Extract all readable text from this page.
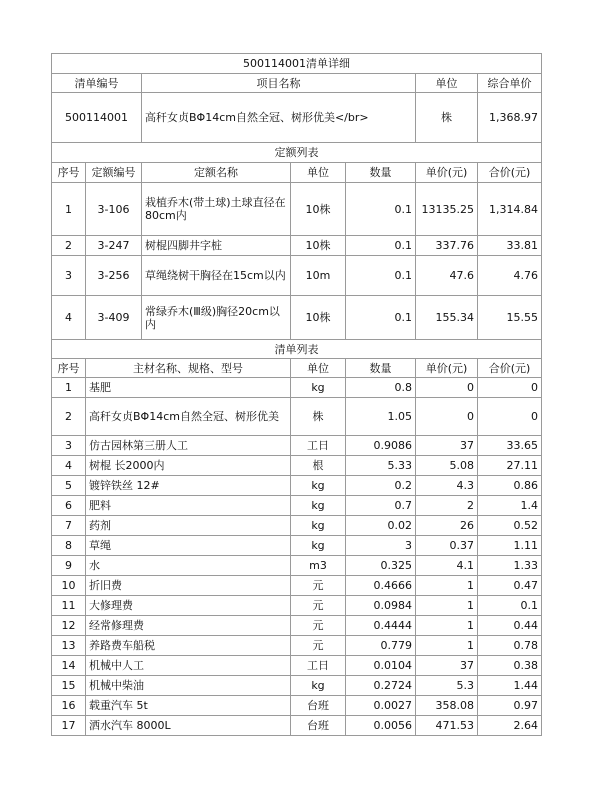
500114001清单详细						
清单编号		项目名称			单位	综合单价
500114001		高秆女贞BΦ14cm自然全冠、树形优美</br>			株	1,368.97
定额列表						
序号	定额编号	定额名称	单位	数量	单价(元)	合价(元)
1	3-106	栽植乔木(带土球)土球直径在80cm内	10株	0.1	13135.25	1,314.84
2	3-247	树棍四脚井字桩	10株	0.1	337.76	33.81
3	3-256	草绳绕树干胸径在15cm以内	10m	0.1	47.6	4.76
4	3-409	常绿乔木(Ⅲ级)胸径20cm以内	10株	0.1	155.34	15.55
清单列表						
序号	主材名称、规格、型号		单位	数量	单价(元)	合价(元)
1	基肥		kg	0.8	0	0
2	高秆女贞BΦ14cm自然全冠、树形优美		株	1.05	0	0
3	仿古园林第三册人工		工日	0.9086	37	33.65
4	树棍 长2000内		根	5.33	5.08	27.11
5	镀锌铁丝 12#		kg	0.2	4.3	0.86
6	肥料		kg	0.7	2	1.4
7	药剂		kg	0.02	26	0.52
8	草绳		kg	3	0.37	1.11
9	水		m3	0.325	4.1	1.33
10	折旧费		元	0.4666	1	0.47
11	大修理费		元	0.0984	1	0.1
12	经常修理费		元	0.4444	1	0.44
13	养路费车船税		元	0.779	1	0.78
14	机械中人工		工日	0.0104	37	0.38
15	机械中柴油		kg	0.2724	5.3	1.44
16	载重汽车 5t		台班	0.0027	358.08	0.97
17	洒水汽车 8000L		台班	0.0056	471.53	2.64
